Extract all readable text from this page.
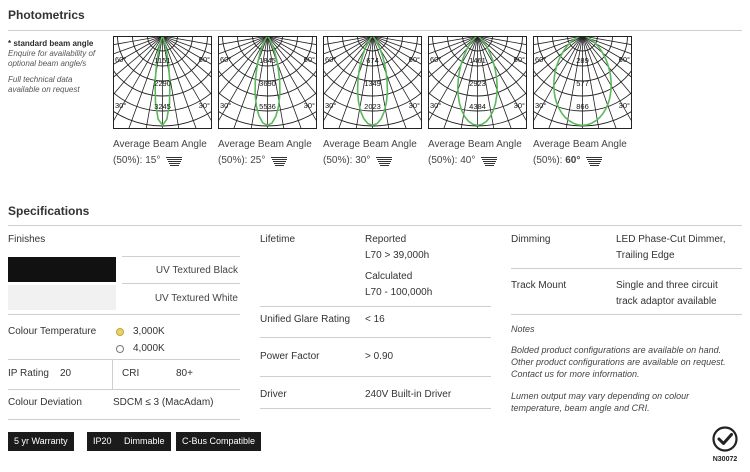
Photometrics
* standard beam angle
Enquire for availability of
optional beam angle/s
Full technical data
available on request
60°	60°
30°	30°
1151
2290
3245
Average Beam Angle
(50%): 15°
60°	60°
30°	30°
1845
3690
5536
Average Beam Angle
(50%): 25°
60°	60°
30°	30°
674
1349
2023
Average Beam Angle
(50%): 30°
60°	60°
30°	30°
1461
2923
4384
Average Beam Angle
(50%): 40°
60°	60°
30°	30°
289
577
866
Average Beam Angle
(50%): 60°
Specifications
Finishes
UV Textured Black
UV Textured White
Colour Temperature	3,000K
4,000K
IP Rating 20	CRI	80+
Colour Deviation	SDCM ≤ 3 (MacAdam)
Lifetime	Reported
L70 > 39,000h
Calculated
L70 - 100,000h
Unified Glare Rating < 16
Power Factor	> 0.90
Driver	240V Built-in Driver
Dimming	LED Phase-Cut Dimmer,
Trailing Edge
Track Mount	Single and three circuit
track adaptor available
Notes
Bolded product configurations are available on hand.
Other product configurations are available on request.
Contact us for more information.
Lumen output may vary depending on colour
temperature, beam angle and CRI.
5 yr Warranty	IP20	Dimmable	C-Bus Compatible
N30072
